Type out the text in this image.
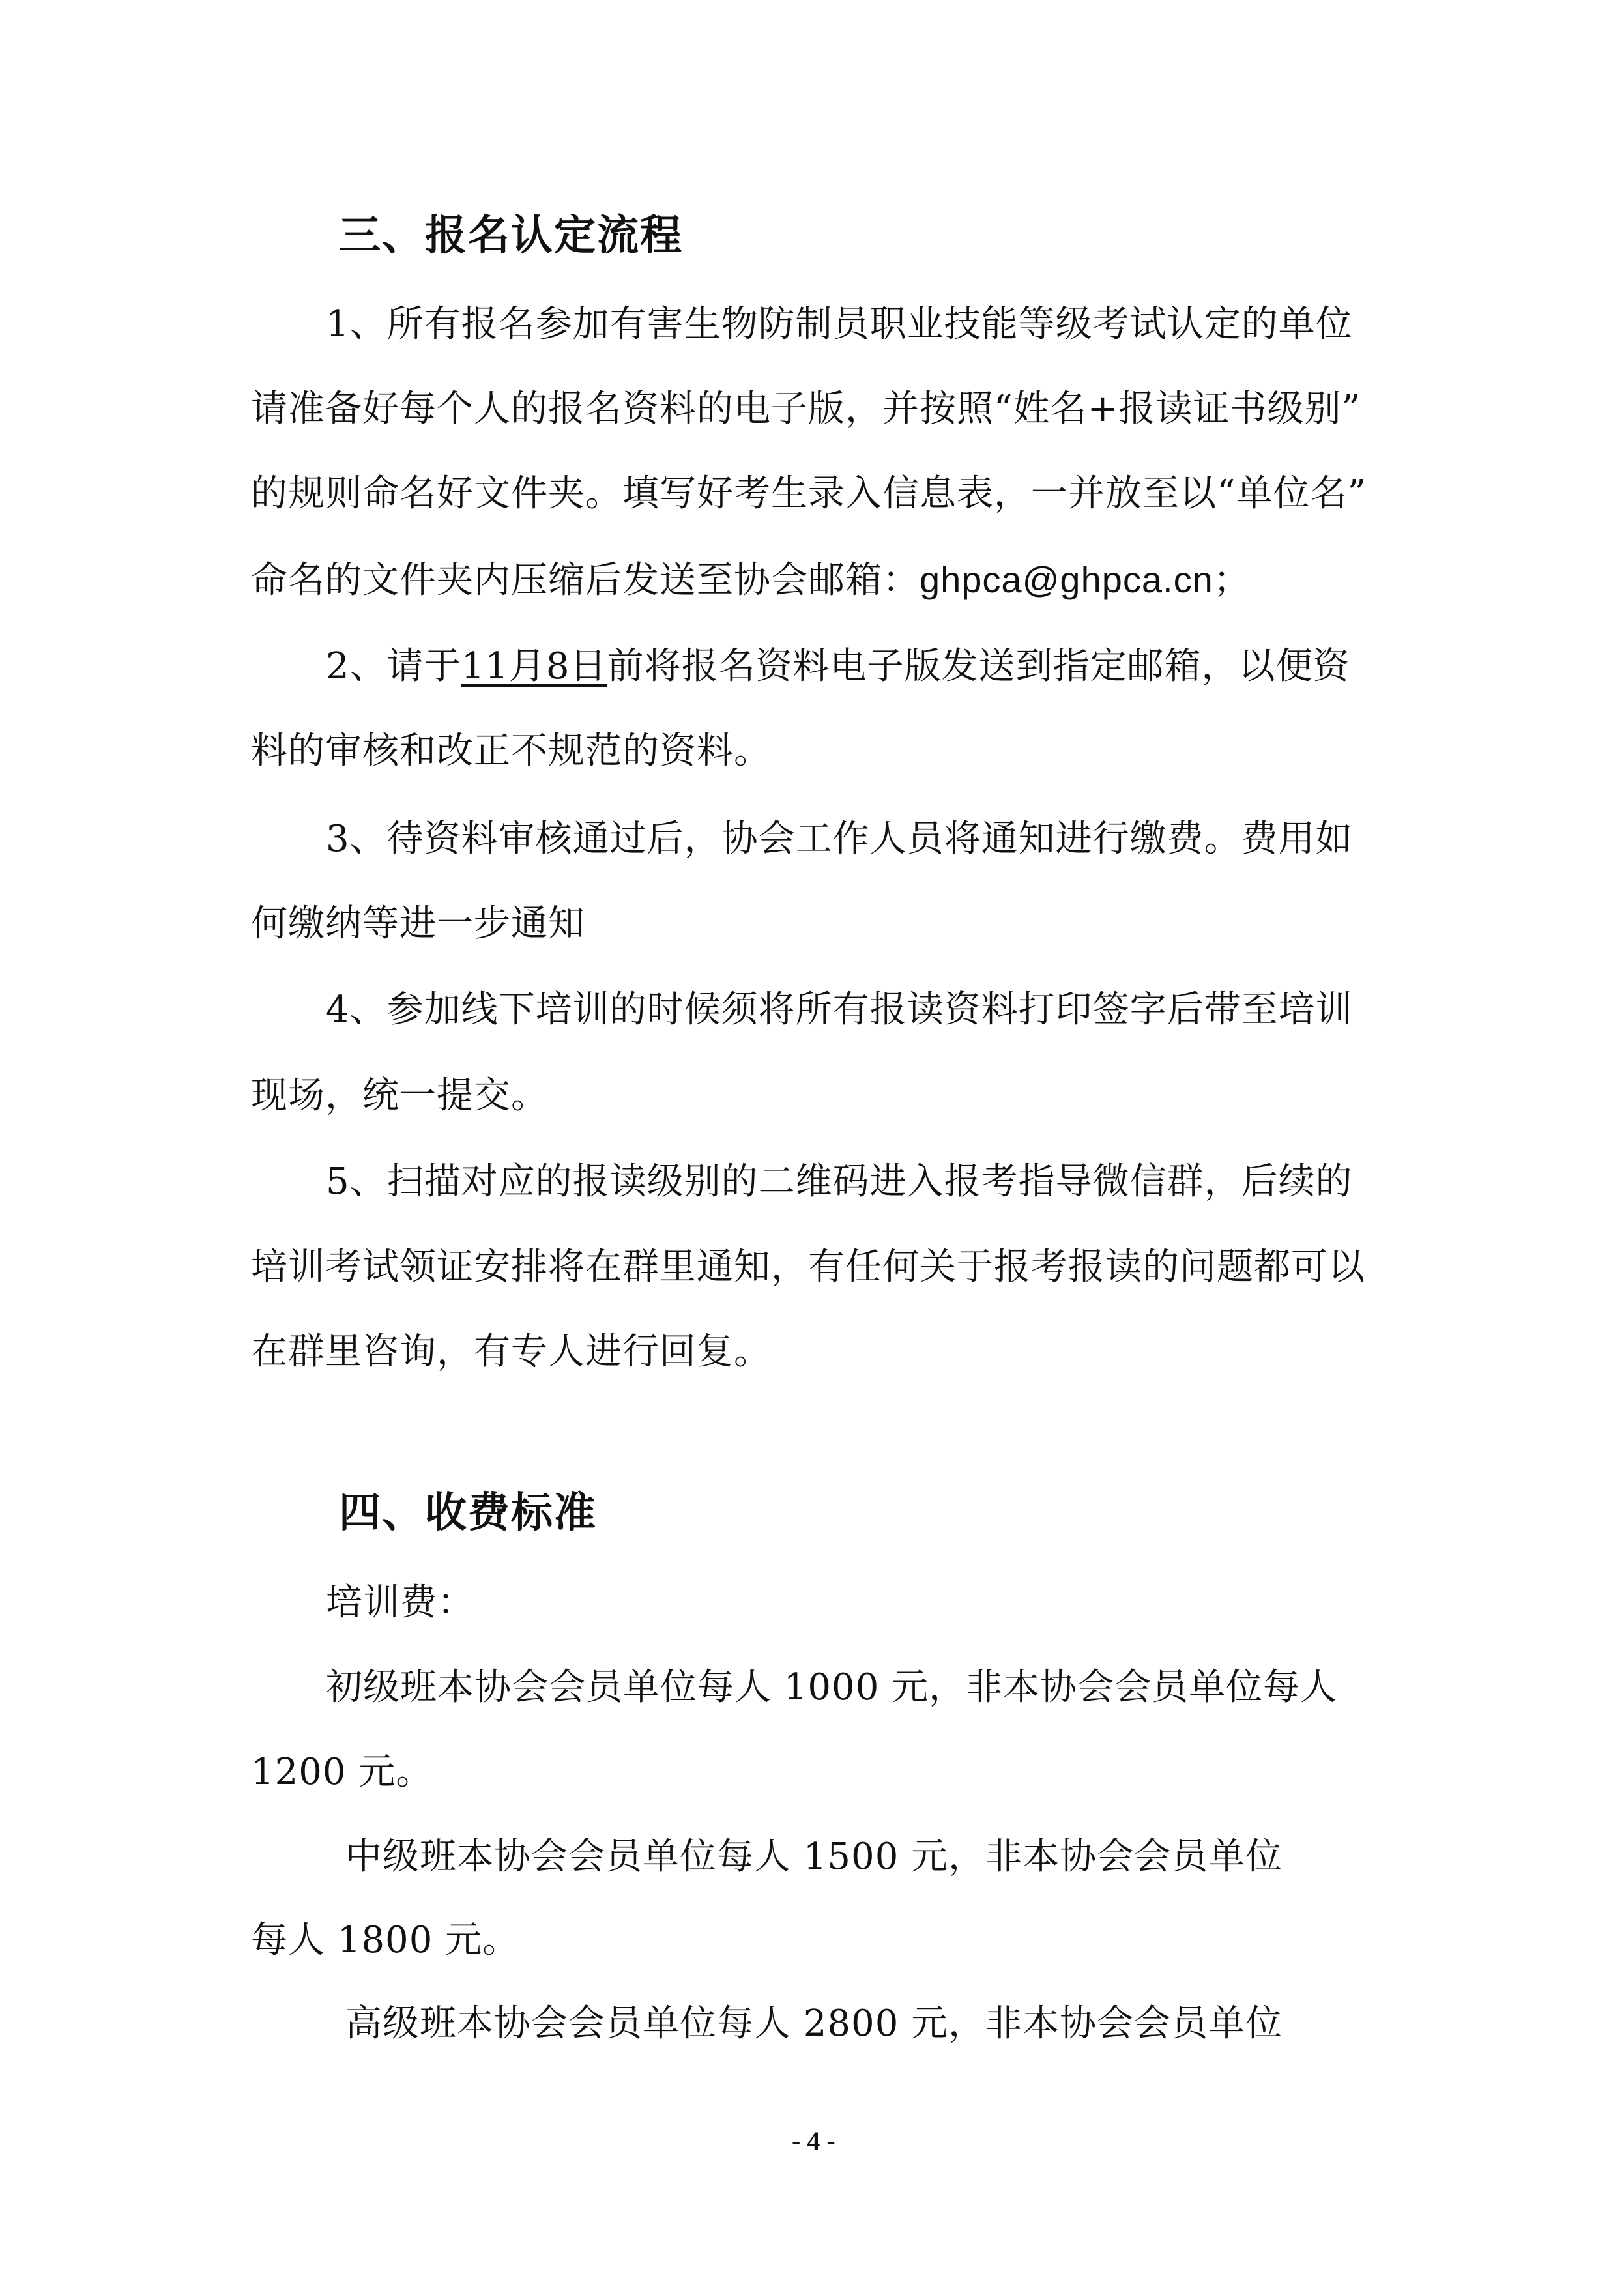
三、报名认定流程
1、所有报名参加有害生物防制员职业技能等级考试认定的单位
请准备好每个人的报名资料的电子版，并按照“姓名+报读证书级别”
的规则命名好文件夹。填写好考生录入信息表，一并放至以“单位名”
命名的文件夹内压缩后发送至协会邮箱：ghpca@ghpca.cn；
2、请于11月8日前将报名资料电子版发送到指定邮箱，以便资
料的审核和改正不规范的资料。
3、待资料审核通过后，协会工作人员将通知进行缴费。费用如
何缴纳等进一步通知
4、参加线下培训的时候须将所有报读资料打印签字后带至培训
现场，统一提交。
5、扫描对应的报读级别的二维码进入报考指导微信群，后续的
培训考试领证安排将在群里通知，有任何关于报考报读的问题都可以
在群里咨询，有专人进行回复。
四、收费标准
培训费：
初级班本协会会员单位每人 1000 元，非本协会会员单位每人
1200 元。
中级班本协会会员单位每人 1500 元，非本协会会员单位
每人 1800 元。
高级班本协会会员单位每人 2800 元，非本协会会员单位
- 4 -
